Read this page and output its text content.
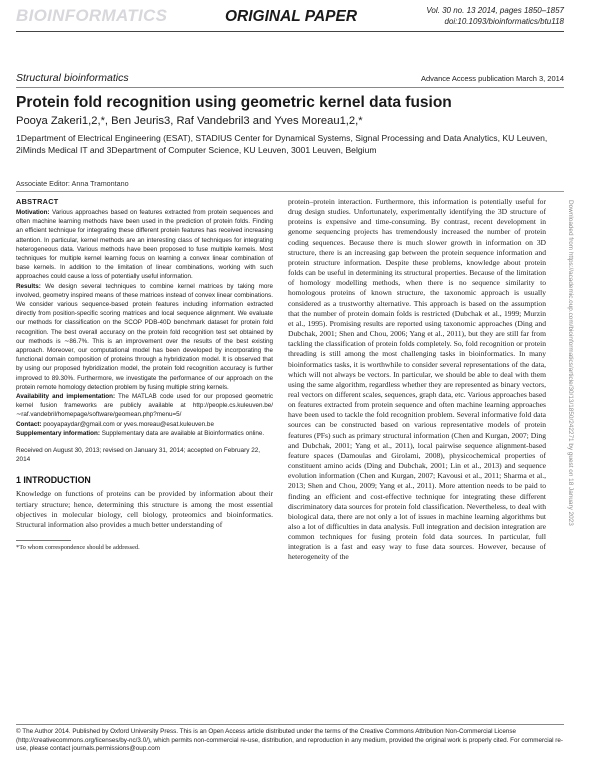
BIOINFORMATICS	ORIGINAL PAPER	Vol. 30 no. 13 2014, pages 1850–1857
doi:10.1093/bioinformatics/btu118
Structural bioinformatics	Advance Access publication March 3, 2014
Protein fold recognition using geometric kernel data fusion
Pooya Zakeri1,2,*, Ben Jeuris3, Raf Vandebril3 and Yves Moreau1,2,*
1Department of Electrical Engineering (ESAT), STADIUS Center for Dynamical Systems, Signal Processing and Data Analytics, KU Leuven, 2iMinds Medical IT and 3Department of Computer Science, KU Leuven, 3001 Leuven, Belgium
Associate Editor: Anna Tramontano
ABSTRACT

Motivation: Various approaches based on features extracted from protein sequences and often machine learning methods have been used in the prediction of protein folds. Finding an efficient technique for integrating these different protein features has received increasing attention. In particular, kernel methods are an interesting class of techniques for integrating heterogeneous data. Various methods have been proposed to fuse multiple kernels. Most techniques for multiple kernel learning focus on learning a convex linear combination of base kernels. In addition to the limitation of linear combinations, working with such approaches could cause a loss of potentially useful information.

Results: We design several techniques to combine kernel matrices by taking more involved, geometry inspired means of these matrices instead of convex linear combinations. We consider various sequence-based protein features including information extracted directly from position-specific scoring matrices and local sequence alignment. We evaluate our methods for classification on the SCOP PDB-40D benchmark dataset for protein fold recognition. The best overall accuracy on the protein fold recognition test set obtained by our methods is ∼86.7%. This is an improvement over the results of the best existing approach. Moreover, our computational model has been developed by incorporating the functional domain composition of proteins through a hybridization model. It is observed that by using our proposed hybridization model, the protein fold recognition accuracy is further improved to 89.30%. Furthermore, we investigate the performance of our approach on the protein remote homology detection problem by fusing multiple string kernels.

Availability and implementation: The MATLAB code used for our proposed geometric kernel fusion frameworks are publicly available at http://people.cs.kuleuven.be/∼raf.vandebril/homepage/software/geomean.php?menu=5/

Contact: pooyapaydar@gmail.com or yves.moreau@esat.kuleuven.be

Supplementary information: Supplementary data are available at Bioinformatics online.

Received on August 30, 2013; revised on January 31, 2014; accepted on February 22, 2014
1 INTRODUCTION
Knowledge on functions of proteins can be provided by information about their tertiary structure; hence, determining this structure is among the most essential objectives in molecular biology, cell biology, proteomics and bioinformatics. Structural information also provides a much better understanding of
*To whom correspondence should be addressed.
protein–protein interaction. Furthermore, this information is potentially useful for drug design studies. Unfortunately, experimentally identifying the 3D structure of proteins is expensive and time-consuming. By contrast, recent development in genome sequencing projects has tremendously increased the number of protein coding sequences. Because there is much slower growth in information on 3D structure, there is an increasing gap between the protein sequence information and protein structure information. Despite these problems, knowledge about protein folds can be useful in determining its structural properties. Because of the limitation of homology modelling methods, when there is no sequence similarity to homologous proteins of known structure, the taxonomic approach is usually considered as a trustworthy alternative. This approach is based on the assumption that the number of protein domain folds is restricted (Dubchak et al., 1999; Murzin et al., 1995). Promising results are reported using taxonomic approaches (Ding and Dubchak, 2001; Shen and Chou, 2006; Yang et al., 2011), but they are still far from tackling the classification of protein folds completely. So, fold recognition or protein threading is still among the most challenging tasks in bioinformatics. In many bioinformatics tasks, it is worthwhile to consider several representations of the data, which will not always be vectors. In particular, we should be able to deal with them using the same algorithm, regardless whether they are represented as binary vectors, real vectors on different scales, sequences, graph data, etc. Various approaches based on features extracted from protein sequence and often machine learning approaches have been used to tackle the fold recognition problem. Several informative fold data sources can be constructed based on various representative models of protein features (PFs) such as primary structural information (Chen and Kurgan, 2007; Ding and Dubchak, 2001; Yang et al., 2011), local pairwise sequence alignment-based feature spaces (Damoulas and Girolami, 2008), physicochemical properties of constituent amino acids (Ding and Dubchak, 2001; Lin et al., 2013) and sequence evolution information (Chen and Kurgan, 2007; Kavousi et al., 2011; Sharma et al., 2013; Shen and Chou, 2009; Yang et al., 2011). More attention needs to be paid to finding an efficient and cost-effective technique for integrating these different discriminatory data sources for protein fold classification. Nevertheless, to deal with biological data, there are not only a lot of issues in machine learning algorithms but also a lot of difficulties in data analysis. Full integration and decision integration are common techniques for fusing protein fold data sources. In particular, full integration is a fast and easy way to fuse data sources. However, because of heterogeneity of the
Downloaded from https://academic.oup.com/bioinformatics/article/30/13/1850/242271 by guest on 18 January 2023
© The Author 2014. Published by Oxford University Press. This is an Open Access article distributed under the terms of the Creative Commons Attribution Non-Commercial License (http://creativecommons.org/licenses/by-nc/3.0/), which permits non-commercial re-use, distribution, and reproduction in any medium, provided the original work is properly cited. For commercial re-use, please contact journals.permissions@oup.com
